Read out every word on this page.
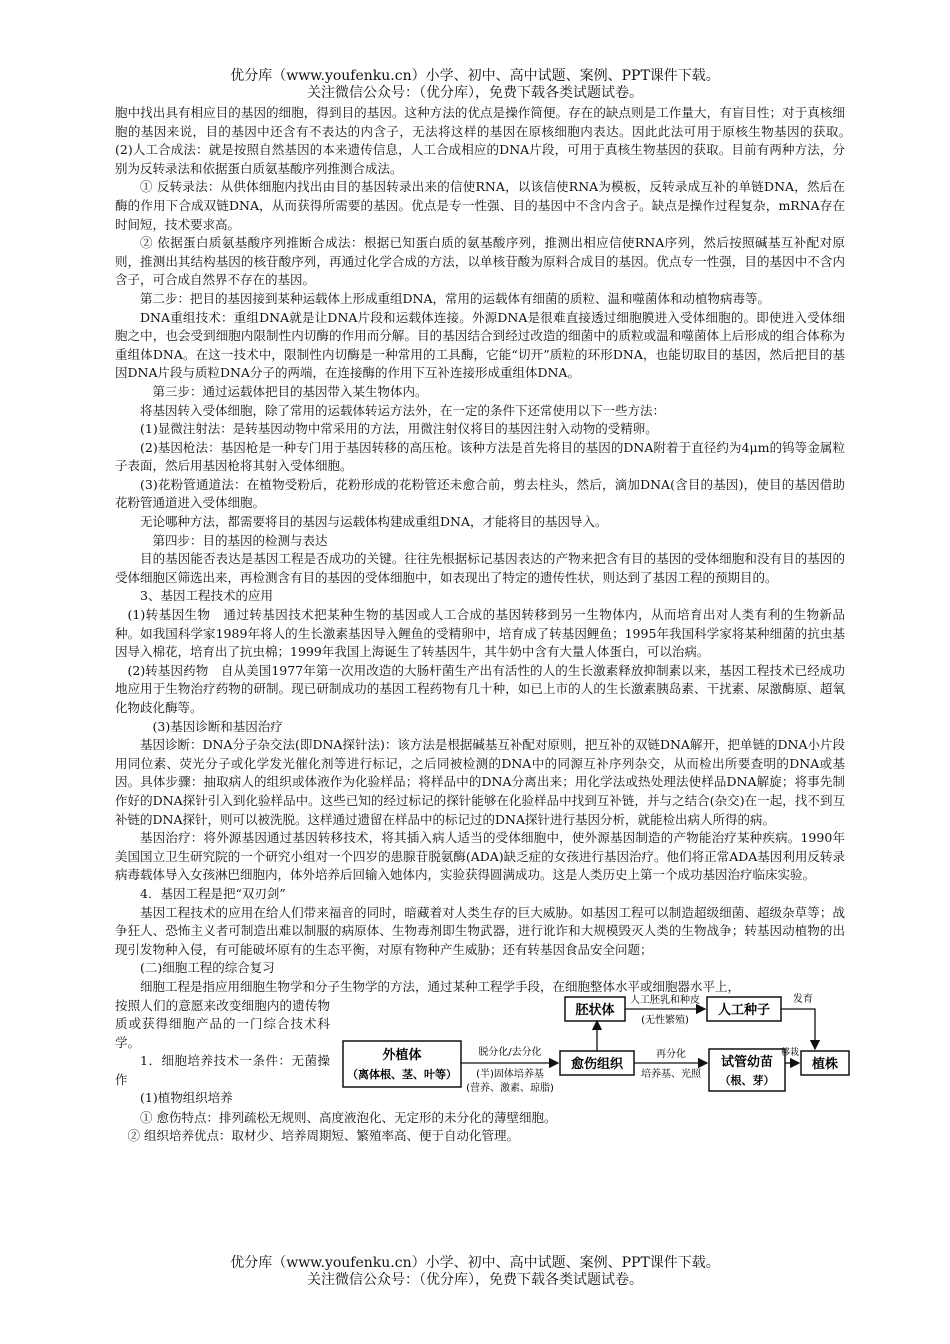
优分库（www.youfenku.cn）小学、初中、高中试题、案例、PPT课件下载。
关注微信公众号：（优分库），免费下载各类试题试卷。

胞中找出具有相应目的基因的细胞，得到目的基因。这种方法的优点是操作简便。存在的缺点则是工作量大，有盲目性；对于真核细胞的基因来说，目的基因中还含有不表达的内含子，无法将这样的基因在原核细胞内表达。因此此法可用于原核生物基因的获取。　(2)人工合成法：就是按照自然基因的本来遗传信息，人工合成相应的DNA片段，可用于真核生物基因的获取。目前有两种方法，分别为反转录法和依据蛋白质氨基酸序列推测合成法。

① 反转录法：从供体细胞内找出由目的基因转录出来的信使RNA，以该信使RNA为模板，反转录成互补的单链DNA，然后在酶的作用下合成双链DNA，从而获得所需要的基因。优点是专一性强、目的基因中不含内含子。缺点是操作过程复杂，mRNA存在时间短，技术要求高。

② 依据蛋白质氨基酸序列推断合成法：根据已知蛋白质的氨基酸序列，推测出相应信使RNA序列，然后按照碱基互补配对原则，推测出其结构基因的核苷酸序列，再通过化学合成的方法，以单核苷酸为原料合成目的基因。优点专一性强，目的基因中不含内含子，可合成自然界不存在的基因。

第二步：把目的基因接到某种运载体上形成重组DNA，常用的运载体有细菌的质粒、温和噬菌体和动植物病毒等。

DNA重组技术：重组DNA就是让DNA片段和运载体连接。外源DNA是很难直接透过细胞膜进入受体细胞的。即使进入受体细胞之中，也会受到细胞内限制性内切酶的作用而分解。目的基因结合到经过改造的细菌中的质粒或温和噬菌体上后形成的组合体称为重组体DNA。在这一技术中，限制性内切酶是一种常用的工具酶，它能“切开”质粒的环形DNA，也能切取目的基因，然后把目的基因DNA片段与质粒DNA分子的两端，在连接酶的作用下互补连接形成重组体DNA。

第三步：通过运载体把目的基因带入某生物体内。

将基因转入受体细胞，除了常用的运载体转运方法外，在一定的条件下还常使用以下一些方法：

(1)显微注射法：是转基因动物中常采用的方法，用微注射仪将目的基因注射入动物的受精卵。

(2)基因枪法：基因枪是一种专门用于基因转移的高压枪。该种方法是首先将目的基因的DNA附着于直径约为4μm的钨等金属粒子表面，然后用基因枪将其射入受体细胞。

(3)花粉管通道法：在植物受粉后，花粉形成的花粉管还未愈合前，剪去柱头，然后，滴加DNA(含目的基因)，使目的基因借助花粉管通道进入受体细胞。

无论哪种方法，都需要将目的基因与运载体构建成重组DNA，才能将目的基因导入。

第四步：目的基因的检测与表达

目的基因能否表达是基因工程是否成功的关键。往往先根据标记基因表达的产物来把含有目的基因的受体细胞和没有目的基因的受体细胞区筛选出来，再检测含有目的基因的受体细胞中，如表现出了特定的遗传性状，则达到了基因工程的预期目的。

3、基因工程技术的应用

(1)转基因生物　通过转基因技术把某种生物的基因或人工合成的基因转移到另一生物体内，从而培育出对人类有利的生物新品种。如我国科学家1989年将人的生长激素基因导入鲤鱼的受精卵中，培育成了转基因鲤鱼；1995年我国科学家将某种细菌的抗虫基因导入棉花，培育出了抗虫棉；1999年我国上海诞生了转基因牛，其牛奶中含有大量人体蛋白，可以治病。

(2)转基因药物　自从美国1977年第一次用改造的大肠杆菌生产出有活性的人的生长激素释放抑制素以来，基因工程技术已经成功地应用于生物治疗药物的研制。现已研制成功的基因工程药物有几十种，如已上市的人的生长激素胰岛素、干扰素、尿激酶原、超氧化物歧化酶等。

(3)基因诊断和基因治疗

基因诊断：DNA分子杂交法(即DNA探针法)：该方法是根据碱基互补配对原则，把互补的双链DNA解开，把单链的DNA小片段用同位素、荧光分子或化学发光催化剂等进行标记，之后同被检测的DNA中的同源互补序列杂交，从而检出所要查明的DNA或基因。具体步骤：抽取病人的组织或体液作为化验样品；将样品中的DNA分离出来；用化学法或热处理法使样品DNA解旋；将事先制作好的DNA探针引入到化验样品中。这些已知的经过标记的探针能够在化验样品中找到互补链，并与之结合(杂交)在一起，找不到互补链的DNA探针，则可以被洗脱。这样通过遗留在样品中的标记过的DNA探针进行基因分析，就能检出病人所得的病。

基因治疗：将外源基因通过基因转移技术，将其插入病人适当的受体细胞中，使外源基因制造的产物能治疗某种疾病。1990年美国国立卫生研究院的一个研究小组对一个四岁的患腺苷脱氨酶(ADA)缺乏症的女孩进行基因治疗。他们将正常ADA基因利用反转录病毒载体导入女孩淋巴细胞内，体外培养后回输入她体内，实验获得圆满成功。这是人类历史上第一个成功基因治疗临床实验。

4．基因工程是把“双刃剑”

基因工程技术的应用在给人们带来福音的同时，暗藏着对人类生存的巨大威胁。如基因工程可以制造超级细菌、超级杂草等；战争狂人、恐怖主义者可制造出难以制服的病原体、生物毒剂即生物武器，进行讹诈和大规模毁灭人类的生物战争；转基因动植物的出现引发物种入侵，有可能破坏原有的生态平衡，对原有物种产生威胁；还有转基因食品安全问题；

(二)细胞工程的综合复习

细胞工程是指应用细胞生物学和分子生物学的方法，通过某种工程学手段，在细胞整体水平或细胞器水平上，

按照人们的意愿来改变细胞内的遗传物质或获得细胞产品的一门综合技术科学。

1．细胞培养技术一条件：无菌操作

(1)植物组织培养

外植体
（离体根、茎、叶等）
脱分化/去分化
(半)固体培养基
(营养、激素、琼脂)
愈伤组织
胚状体
人工胚乳和种皮
(无性繁殖)
人工种子
发育
再分化
培养基、光照
试管幼苗
（根、芽）
移栽
植株

① 愈伤特点：排列疏松无规则、高度液泡化、无定形的未分化的薄壁细胞。

② 组织培养优点：取材少、培养周期短、繁殖率高、便于自动化管理。

优分库（www.youfenku.cn）小学、初中、高中试题、案例、PPT课件下载。
关注微信公众号：（优分库），免费下载各类试题试卷。
